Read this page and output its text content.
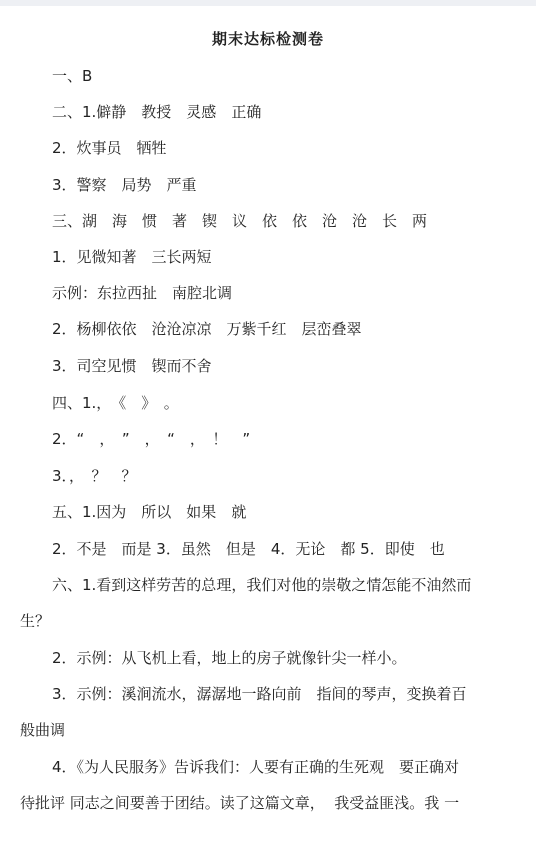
期末达标检测卷
一、B
二、1.僻静　教授　灵感　正确
2．炊事员　牺牲
3．警察　局势　严重
三、湖　海　惯　著　锲　议　依　依　沧　沧　长　两
1．见微知著　三长两短
示例：东拉西扯　南腔北调
2．杨柳依依　沧沧凉凉　万紫千红　层峦叠翠
3．司空见惯　锲而不舍
四、1.，　《　》　。
2．“　，　”　，　“　，　！　”
3．，　？　？
五、1.因为　所以　如果　就
2．不是　而是 3．虽然　但是　4．无论　都 5．即使　也
六、1.看到这样劳苦的总理，我们对他的崇敬之情怎能不油然而
生？
2．示例：从飞机上看，地上的房子就像针尖一样小。
3．示例：溪涧流水，潺潺地一路向前　指间的琴声，变换着百
般曲调
4．《为人民服务》告诉我们：人要有正确的生死观　要正确对
待批评 同志之间要善于团结。读了这篇文章，  我受益匪浅。我 一
